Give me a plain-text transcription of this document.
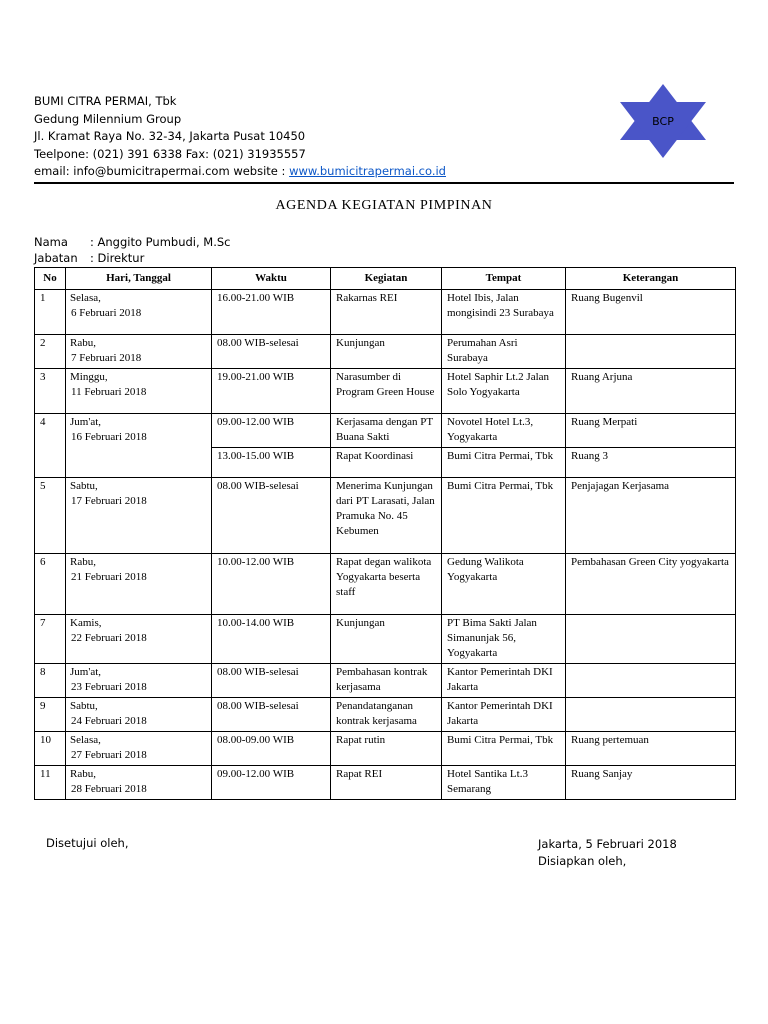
BUMI CITRA PERMAI, Tbk
Gedung Milennium Group
Jl. Kramat Raya No. 32-34, Jakarta Pusat 10450
Teelpone: (021) 391 6338 Fax: (021) 31935557
email: info@bumicitrapermai.com website : www.bumicitrapermai.co.id
BCP
AGENDA KEGIATAN PIMPINAN
Nama	: Anggito Pumbudi, M.Sc
Jabatan	: Direktur
No	Hari, Tanggal	Waktu	Kegiatan	Tempat	Keterangan
1	Selasa,
6 Februari 2018	16.00-21.00 WIB	Rakarnas REI	Hotel Ibis, Jalan mongisindi 23 Surabaya	Ruang Bugenvil
2	Rabu,
7 Februari 2018	08.00 WIB-selesai	Kunjungan	Perumahan Asri Surabaya	
3	Minggu,
11 Februari 2018	19.00-21.00 WIB	Narasumber di Program Green House	Hotel Saphir Lt.2 Jalan Solo Yogyakarta	Ruang Arjuna
4	Jum'at,
16 Februari 2018	09.00-12.00 WIB	Kerjasama dengan PT Buana Sakti	Novotel Hotel Lt.3, Yogyakarta	Ruang Merpati
		13.00-15.00 WIB	Rapat Koordinasi	Bumi Citra Permai, Tbk	Ruang 3
5	Sabtu,
17 Februari 2018	08.00 WIB-selesai	Menerima Kunjungan dari PT Larasati, Jalan Pramuka No. 45 Kebumen	Bumi Citra Permai, Tbk	Penjajagan Kerjasama
6	Rabu,
21 Februari 2018	10.00-12.00 WIB	Rapat degan walikota Yogyakarta beserta staff	Gedung Walikota Yogyakarta	Pembahasan Green City yogyakarta
7	Kamis,
22 Februari 2018	10.00-14.00 WIB	Kunjungan	PT Bima Sakti Jalan Simanunjak 56, Yogyakarta	
8	Jum'at,
23 Februari 2018	08.00 WIB-selesai	Pembahasan kontrak kerjasama	Kantor Pemerintah DKI Jakarta	
9	Sabtu,
24 Februari 2018	08.00 WIB-selesai	Penandatanganan kontrak kerjasama	Kantor Pemerintah DKI Jakarta	
10	Selasa,
27 Februari 2018	08.00-09.00 WIB	Rapat rutin	Bumi Citra Permai, Tbk	Ruang pertemuan
11	Rabu,
28 Februari 2018	09.00-12.00 WIB	Rapat REI	Hotel Santika Lt.3 Semarang	Ruang Sanjay
Disetujui oleh,	Jakarta, 5 Februari 2018
Disiapkan oleh,
